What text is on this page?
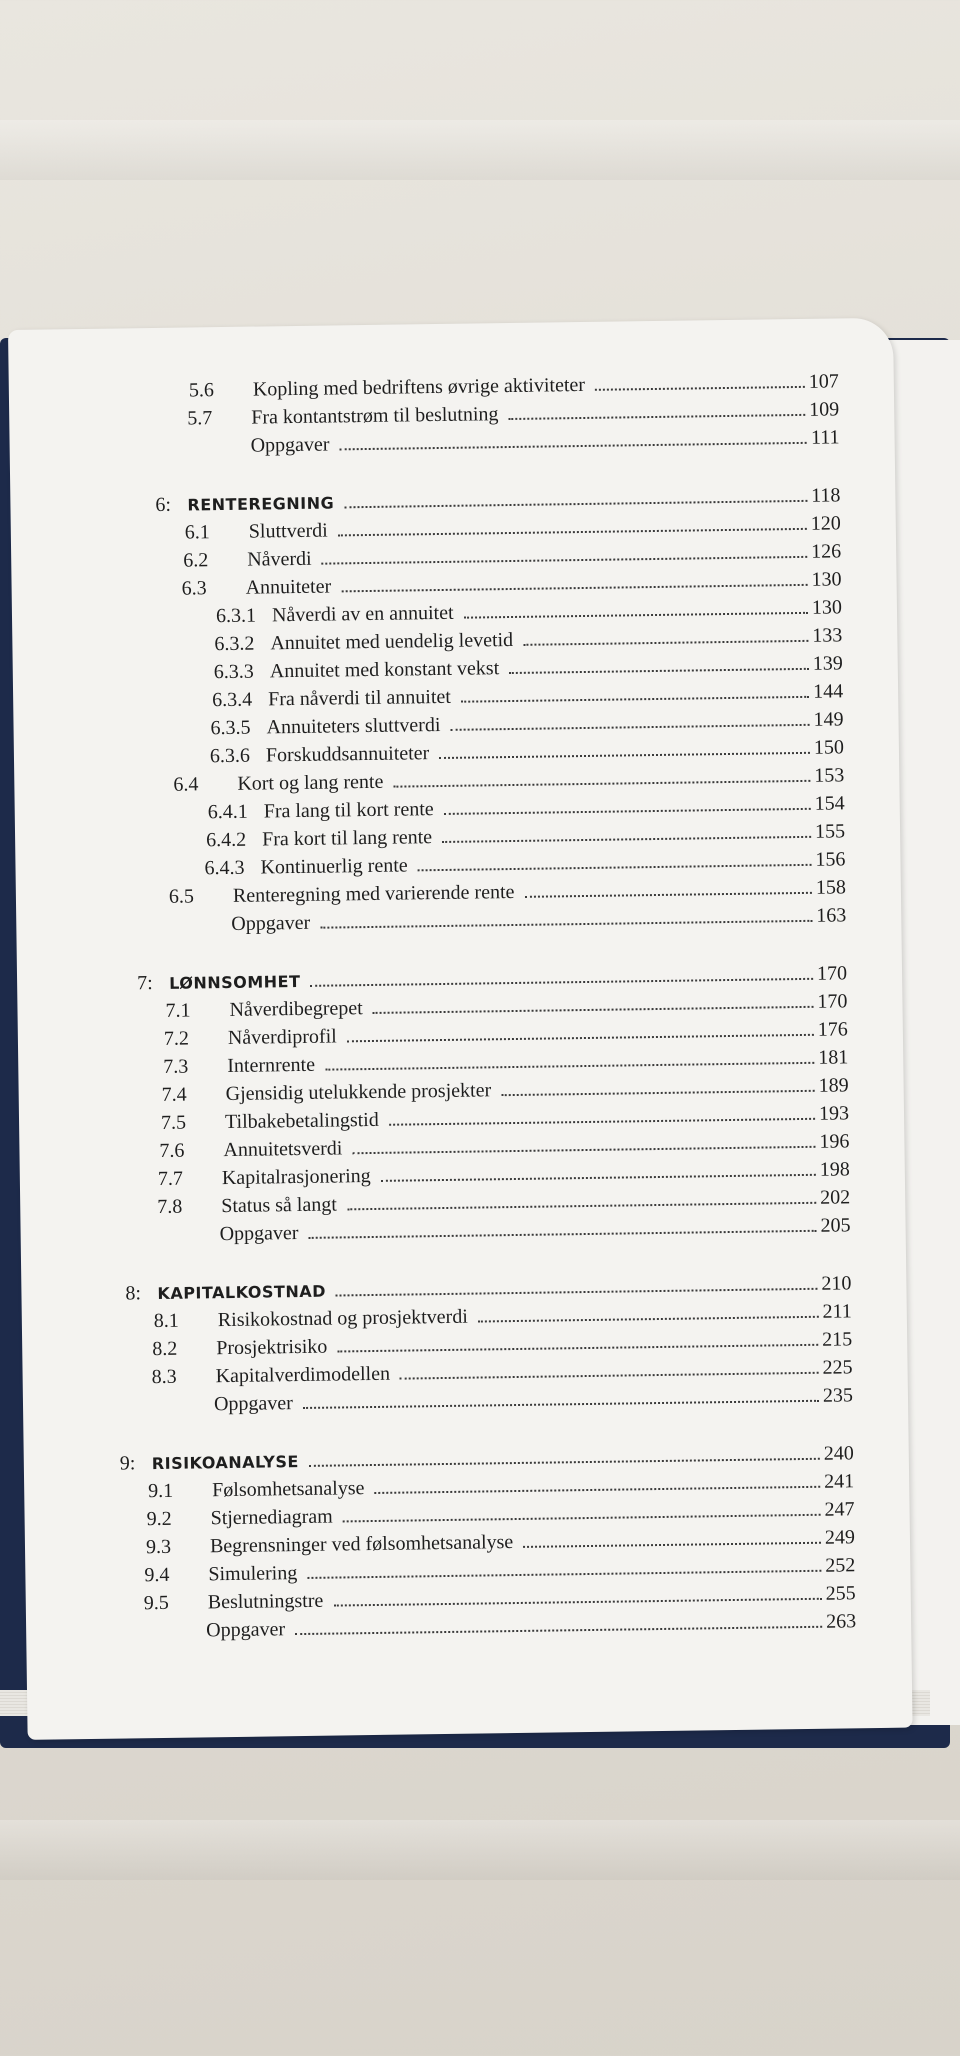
5.6	Kopling med bedriftens øvrige aktiviteter	107
5.7	Fra kontantstrøm til beslutning	109
Oppgaver	111
6:	RENTEREGNING	118
6.1	Sluttverdi	120
6.2	Nåverdi	126
6.3	Annuiteter	130
6.3.1 Nåverdi av en annuitet	130
6.3.2 Annuitet med uendelig levetid	133
6.3.3 Annuitet med konstant vekst	139
6.3.4 Fra nåverdi til annuitet	144
6.3.5 Annuiteters sluttverdi	149
6.3.6 Forskuddsannuiteter	150
6.4	Kort og lang rente	153
6.4.1 Fra lang til kort rente	154
6.4.2 Fra kort til lang rente	155
6.4.3 Kontinuerlig rente	156
6.5	Renteregning med varierende rente	158
Oppgaver	163
7:	LØNNSOMHET	170
7.1	Nåverdibegrepet	170
7.2	Nåverdiprofil	176
7.3	Internrente	181
7.4	Gjensidig utelukkende prosjekter	189
7.5	Tilbakebetalingstid	193
7.6	Annuitetsverdi	196
7.7	Kapitalrasjonering	198
7.8	Status så langt	202
Oppgaver	205
8:	KAPITALKOSTNAD	210
8.1	Risikokostnad og prosjektverdi	211
8.2	Prosjektrisiko	215
8.3	Kapitalverdimodellen	225
Oppgaver	235
9:	RISIKOANALYSE	240
9.1	Følsomhetsanalyse	241
9.2	Stjernediagram	247
9.3	Begrensninger ved følsomhetsanalyse	249
9.4	Simulering	252
9.5	Beslutningstre	255
Oppgaver	263
